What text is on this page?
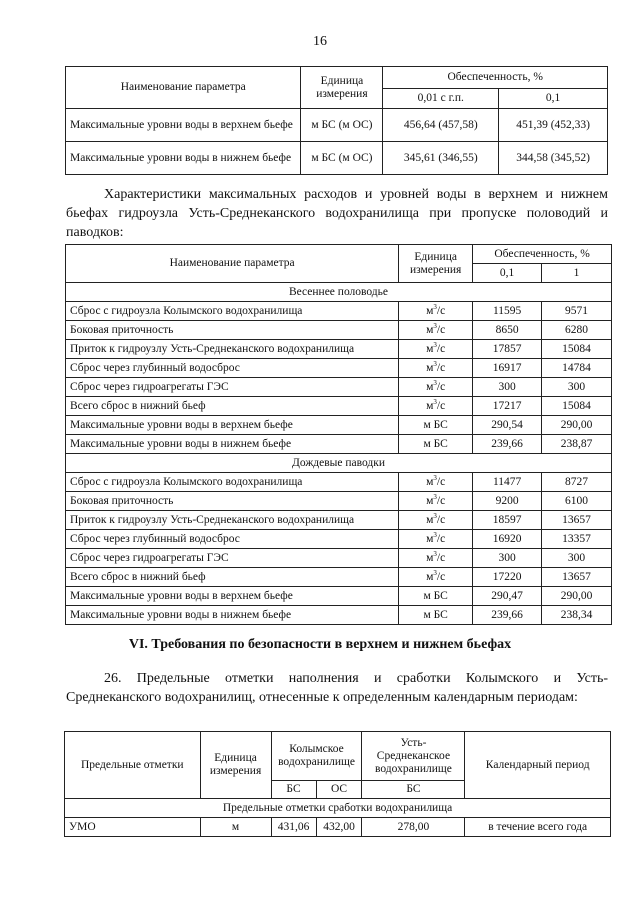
16
Наименование параметра	Единица измерения	Обеспеченность, %	
		0,01 с г.п.	0,1
Максимальные уровни воды в верхнем бьефе	м БС (м ОС)	456,64 (457,58)	451,39 (452,33)
Максимальные уровни воды в нижнем бьефе	м БС (м ОС)	345,61 (346,55)	344,58 (345,52)
Характеристики максимальных расходов и уровней воды в верхнем и нижнем бьефах гидроузла Усть-Среднеканского водохранилища при пропуске половодий и паводков:
Наименование параметра	Единица измерения	Обеспеченность, %	
		0,1	1
Весеннее половодье			
Сброс с гидроузла Колымского водохранилища	$м^3/с$	11595	9571
Боковая приточность	$м^3/с$	8650	6280
Приток к гидроузлу Усть-Среднеканского водохранилища	$м^3/с$	17857	15084
Сброс через глубинный водосброс	$м^3/с$	16917	14784
Сброс через гидроагрегаты ГЭС	$м^3/с$	300	300
Всего сброс в нижний бьеф	$м^3/с$	17217	15084
Максимальные уровни воды в верхнем бьефе	м БС	290,54	290,00
Максимальные уровни воды в нижнем бьефе	м БС	239,66	238,87
Дождевые паводки			
Сброс с гидроузла Колымского водохранилища	$м^3/с$	11477	8727
Боковая приточность	$м^3/с$	9200	6100
Приток к гидроузлу Усть-Среднеканского водохранилища	$м^3/с$	18597	13657
Сброс через глубинный водосброс	$м^3/с$	16920	13357
Сброс через гидроагрегаты ГЭС	$м^3/с$	300	300
Всего сброс в нижний бьеф	$м^3/с$	17220	13657
Максимальные уровни воды в верхнем бьефе	м БС	290,47	290,00
Максимальные уровни воды в нижнем бьефе	м БС	239,66	238,34
VI. Требования по безопасности в верхнем и нижнем бьефах
26. Предельные отметки наполнения и сработки Колымского и Усть-Среднеканского водохранилищ, отнесенные к определенным календарным периодам:
Предельные отметки	Единица измерения	Колымское водохранилище		Усть-Среднеканское водохранилище	Календарный период
		БС	ОС	БС	
Предельные отметки сработки водохранилища					
УМО	м	431,06	432,00	278,00	в течение всего года
